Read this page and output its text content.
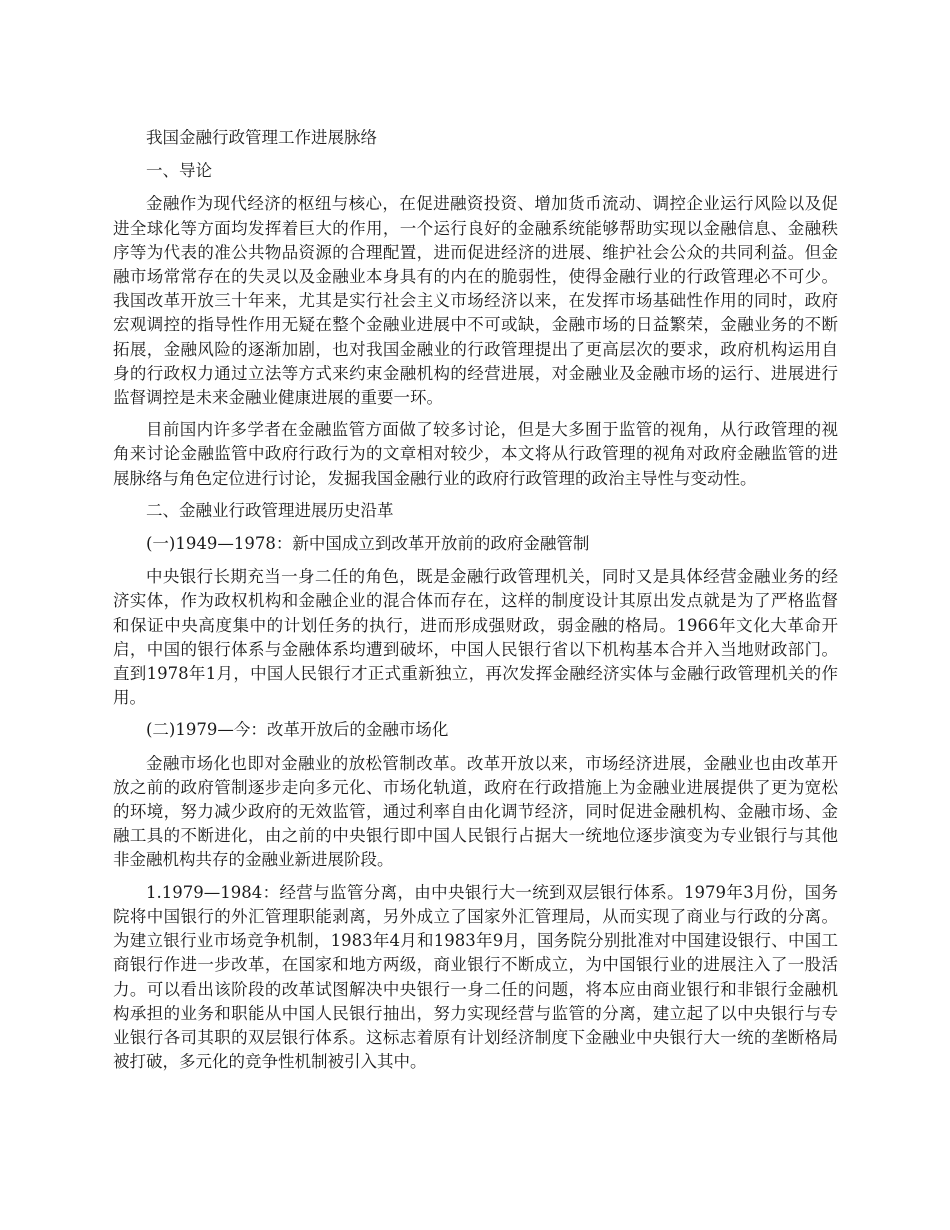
我国金融行政管理工作进展脉络

一、导论

金融作为现代经济的枢纽与核心，在促进融资投资、增加货币流动、调控企业运行风险以及促进全球化等方面均发挥着巨大的作用，一个运行良好的金融系统能够帮助实现以金融信息、金融秩序等为代表的准公共物品资源的合理配置，进而促进经济的进展、维护社会公众的共同利益。但金融市场常常存在的失灵以及金融业本身具有的内在的脆弱性，使得金融行业的行政管理必不可少。我国改革开放三十年来，尤其是实行社会主义市场经济以来，在发挥市场基础性作用的同时，政府宏观调控的指导性作用无疑在整个金融业进展中不可或缺，金融市场的日益繁荣，金融业务的不断拓展，金融风险的逐渐加剧，也对我国金融业的行政管理提出了更高层次的要求，政府机构运用自身的行政权力通过立法等方式来约束金融机构的经营进展，对金融业及金融市场的运行、进展进行监督调控是未来金融业健康进展的重要一环。

目前国内许多学者在金融监管方面做了较多讨论，但是大多囿于监管的视角，从行政管理的视角来讨论金融监管中政府行政行为的文章相对较少，本文将从行政管理的视角对政府金融监管的进展脉络与角色定位进行讨论，发掘我国金融行业的政府行政管理的政治主导性与变动性。

二、金融业行政管理进展历史沿革

(一)1949—1978：新中国成立到改革开放前的政府金融管制

中央银行长期充当一身二任的角色，既是金融行政管理机关，同时又是具体经营金融业务的经济实体，作为政权机构和金融企业的混合体而存在，这样的制度设计其原出发点就是为了严格监督和保证中央高度集中的计划任务的执行，进而形成强财政，弱金融的格局。1966年文化大革命开启，中国的银行体系与金融体系均遭到破坏，中国人民银行省以下机构基本合并入当地财政部门。直到1978年1月，中国人民银行才正式重新独立，再次发挥金融经济实体与金融行政管理机关的作用。

(二)1979—今：改革开放后的金融市场化

金融市场化也即对金融业的放松管制改革。改革开放以来，市场经济进展，金融业也由改革开放之前的政府管制逐步走向多元化、市场化轨道，政府在行政措施上为金融业进展提供了更为宽松的环境，努力减少政府的无效监管，通过利率自由化调节经济，同时促进金融机构、金融市场、金融工具的不断进化，由之前的中央银行即中国人民银行占据大一统地位逐步演变为专业银行与其他非金融机构共存的金融业新进展阶段。

1.1979—1984：经营与监管分离，由中央银行大一统到双层银行体系。1979年3月份，国务院将中国银行的外汇管理职能剥离，另外成立了国家外汇管理局，从而实现了商业与行政的分离。为建立银行业市场竞争机制，1983年4月和1983年9月，国务院分别批准对中国建设银行、中国工商银行作进一步改革，在国家和地方两级，商业银行不断成立，为中国银行业的进展注入了一股活力。可以看出该阶段的改革试图解决中央银行一身二任的问题，将本应由商业银行和非银行金融机构承担的业务和职能从中国人民银行抽出，努力实现经营与监管的分离，建立起了以中央银行与专业银行各司其职的双层银行体系。这标志着原有计划经济制度下金融业中央银行大一统的垄断格局被打破，多元化的竞争性机制被引入其中。
